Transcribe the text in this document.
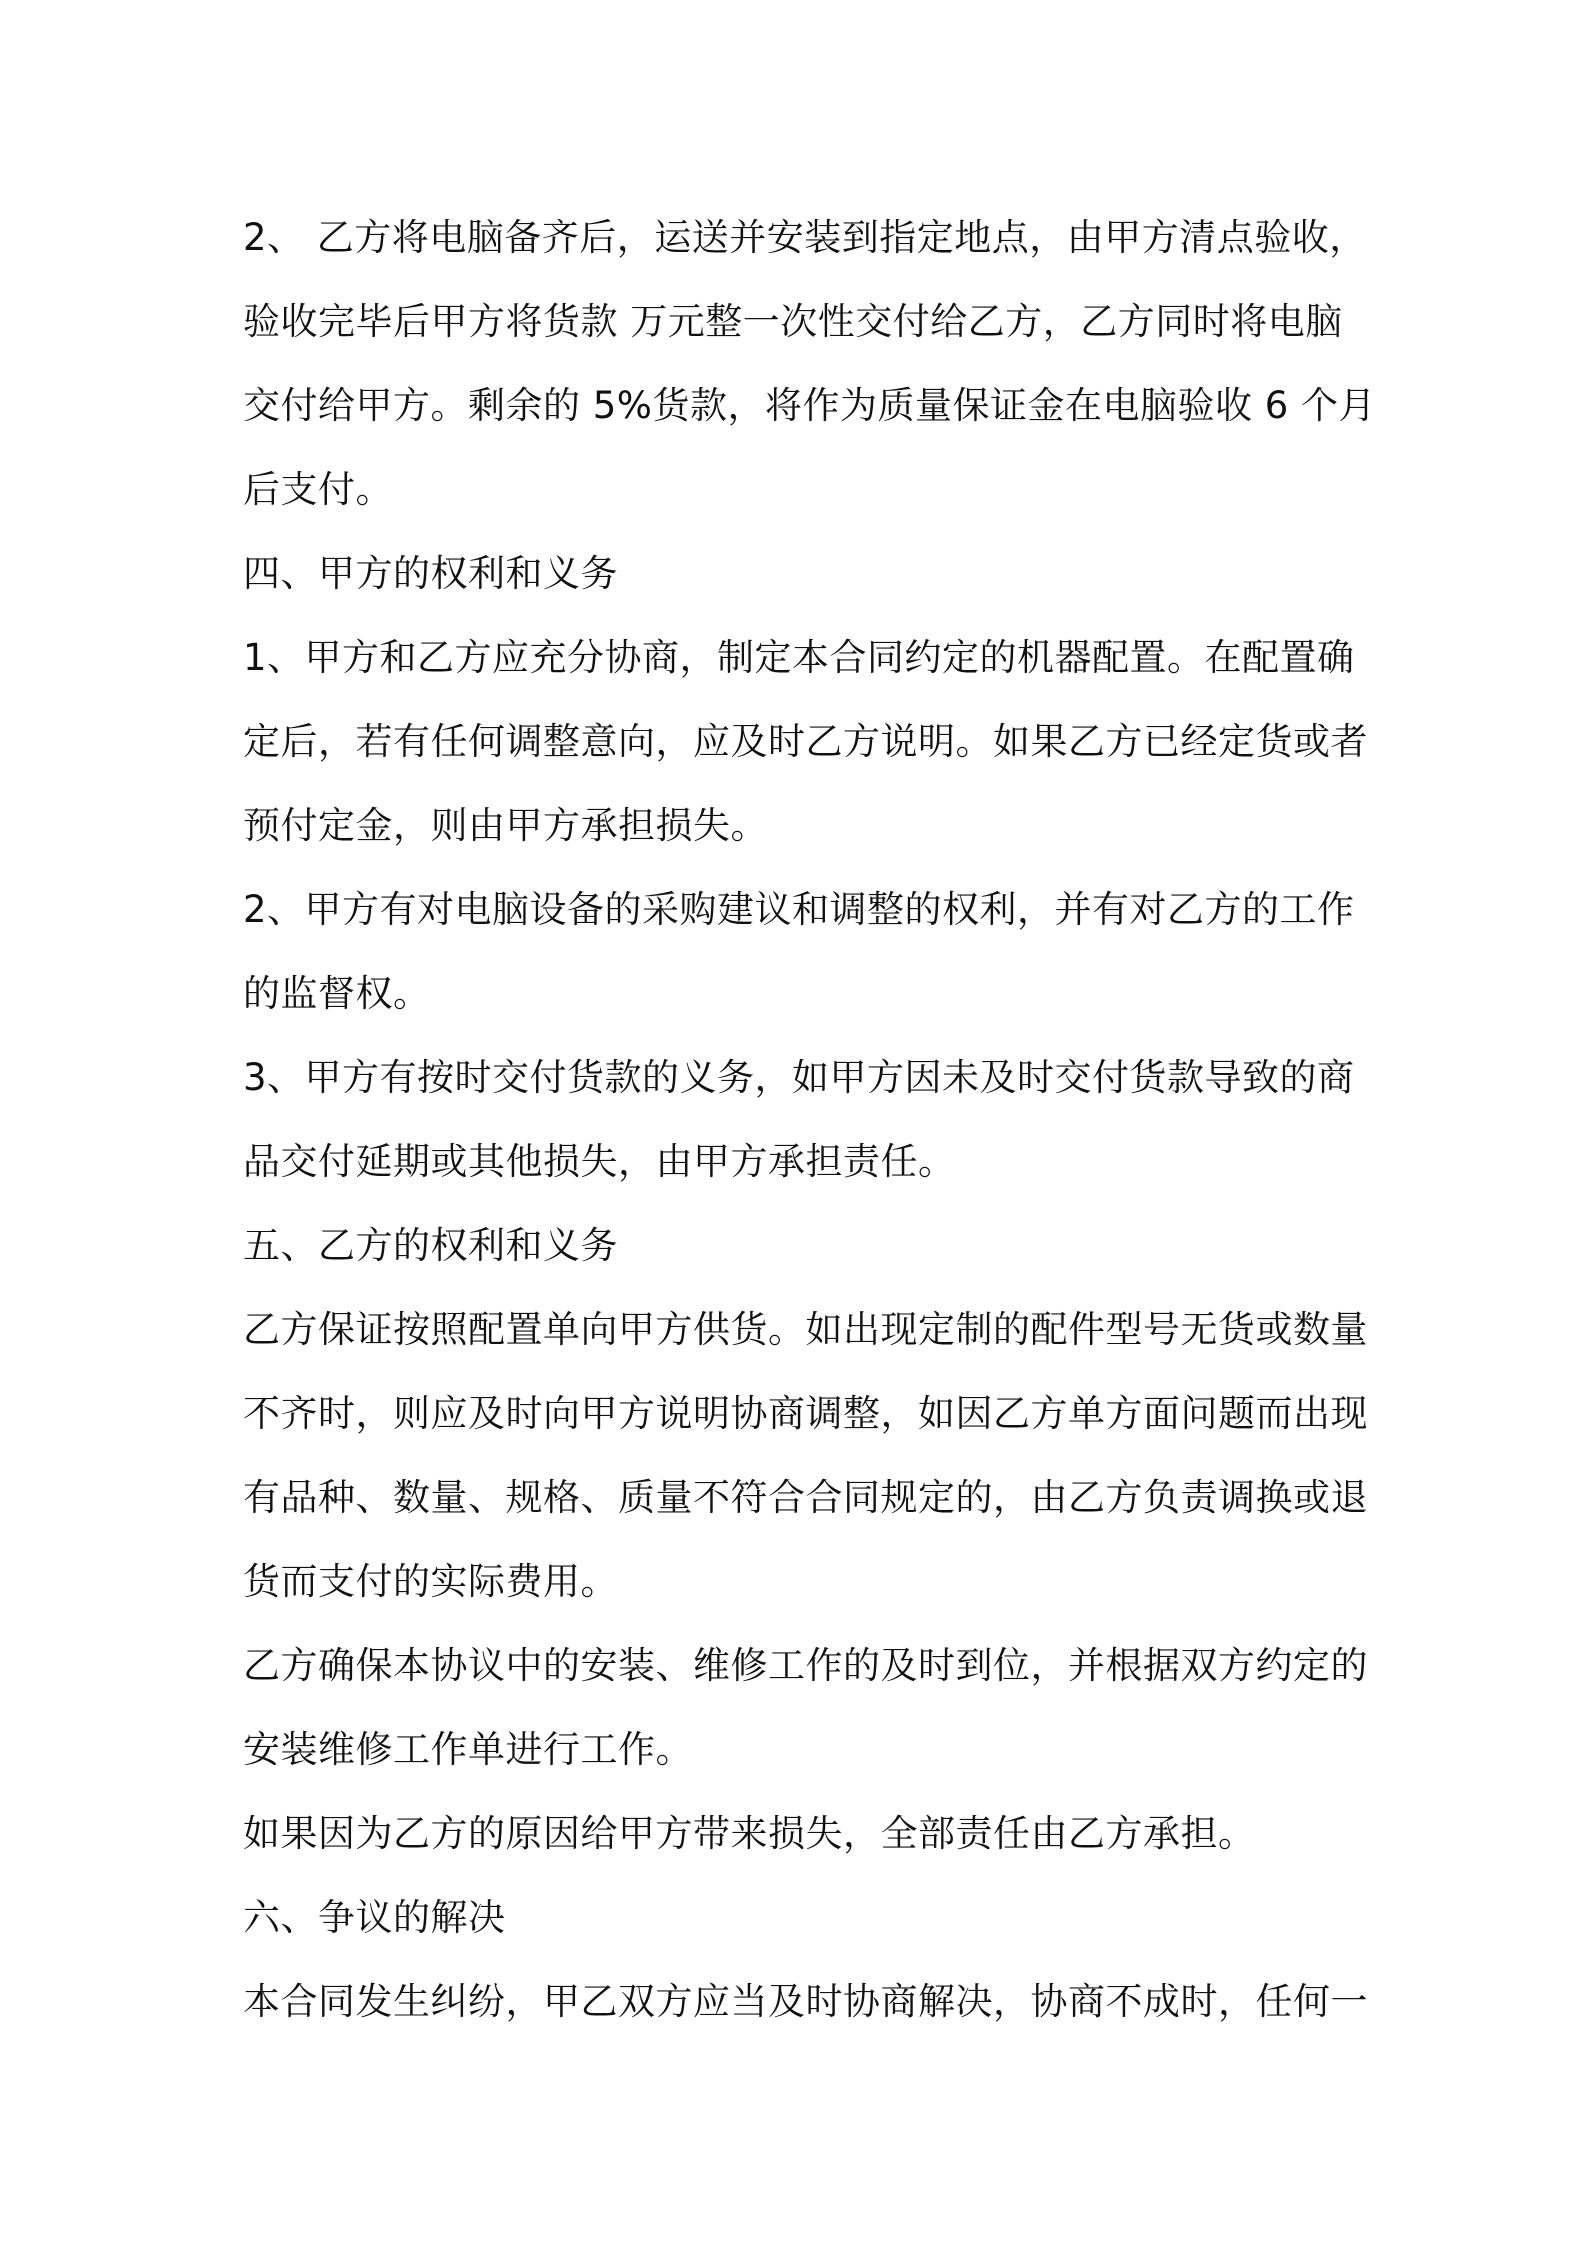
2、 乙方将电脑备齐后，运送并安装到指定地点，由甲方清点验收，
验收完毕后甲方将货款 万元整一次性交付给乙方，乙方同时将电脑
交付给甲方。剩余的 5%货款，将作为质量保证金在电脑验收 6 个月
后支付。
四、甲方的权利和义务
1、甲方和乙方应充分协商，制定本合同约定的机器配置。在配置确
定后，若有任何调整意向，应及时乙方说明。如果乙方已经定货或者
预付定金，则由甲方承担损失。
2、甲方有对电脑设备的采购建议和调整的权利，并有对乙方的工作
的监督权。
3、甲方有按时交付货款的义务，如甲方因未及时交付货款导致的商
品交付延期或其他损失，由甲方承担责任。
五、乙方的权利和义务
乙方保证按照配置单向甲方供货。如出现定制的配件型号无货或数量
不齐时，则应及时向甲方说明协商调整，如因乙方单方面问题而出现
有品种、数量、规格、质量不符合合同规定的，由乙方负责调换或退
货而支付的实际费用。
乙方确保本协议中的安装、维修工作的及时到位，并根据双方约定的
安装维修工作单进行工作。
如果因为乙方的原因给甲方带来损失，全部责任由乙方承担。
六、争议的解决
本合同发生纠纷，甲乙双方应当及时协商解决，协商不成时，任何一
